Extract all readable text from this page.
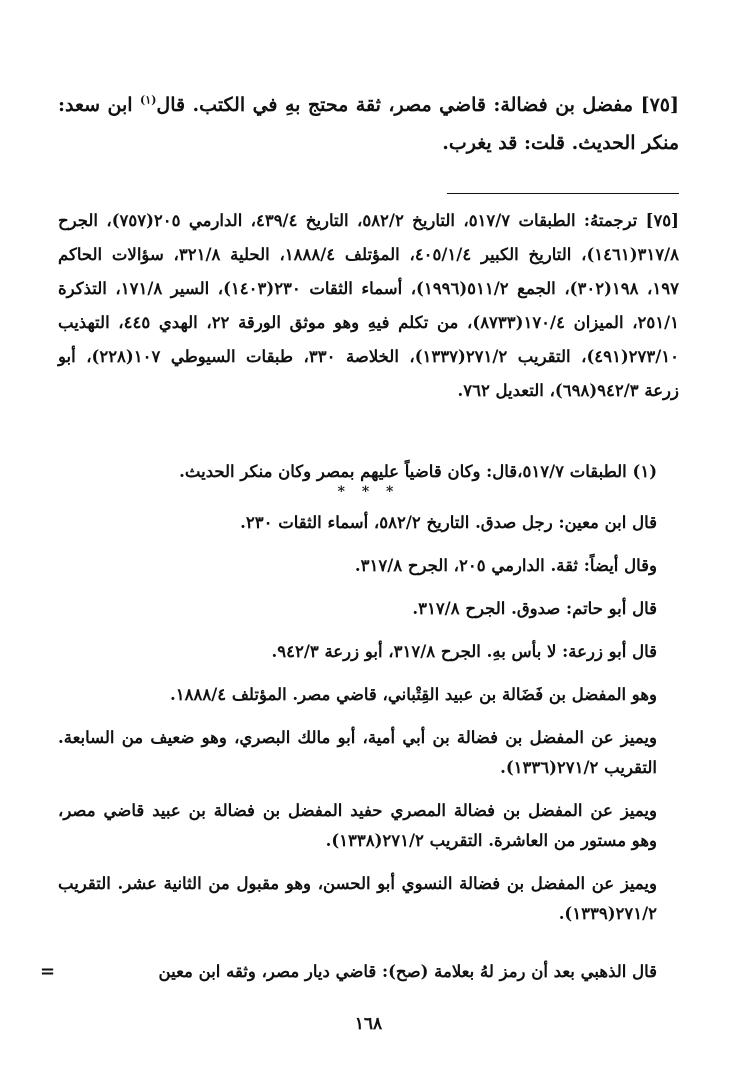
[٧٥] مفضل بن فضالة: قاضي مصر، ثقة محتج بهِ في الكتب. قال$^{(١)}$ ابن سعد: منكر الحديث. قلت: قد يغرب.
[٧٥] ترجمتهُ: الطبقات ٥١٧/٧، التاريخ ٥٨٢/٢، التاريخ ٤٣٩/٤، الدارمي ٢٠٥(٧٥٧)، الجرح ٣١٧/٨(١٤٦١)، التاريخ الكبير ٤٠٥/١/٤، المؤتلف ١٨٨٨/٤، الحلية ٣٢١/٨، سؤالات الحاكم ١٩٧، ١٩٨(٣٠٢)، الجمع ٥١١/٢(١٩٩٦)، أسماء الثقات ٢٣٠(١٤٠٣)، السير ١٧١/٨، التذكرة ٢٥١/١، الميزان ١٧٠/٤(٨٧٣٣)، من تكلم فيهِ وهو موثق الورقة ٢٢، الهدي ٤٤٥، التهذيب ٢٧٣/١٠(٤٩١)، التقريب ٢٧١/٢(١٣٣٧)، الخلاصة ٣٣٠، طبقات السيوطي ١٠٧(٢٢٨)، أبو زرعة ٩٤٢/٣(٦٩٨)، التعديل ٧٦٢.
(١) الطبقات ٥١٧/٧،قال: وكان قاضياً عليهم بمصر وكان منكر الحديث.
* * *

قال ابن معين: رجل صدق. التاريخ ٥٨٢/٢، أسماء الثقات ٢٣٠.

وقال أيضاً: ثقة. الدارمي ٢٠٥، الجرح ٣١٧/٨.

قال أبو حاتم: صدوق. الجرح ٣١٧/٨.

قال أبو زرعة: لا بأس بهِ. الجرح ٣١٧/٨، أبو زرعة ٩٤٢/٣.

وهو المفضل بن فَضَالة بن عبيد القِتْباني، قاضي مصر. المؤتلف ١٨٨٨/٤.

ويميز عن المفضل بن فضالة بن أبي أمية، أبو مالك البصري، وهو ضعيف من السابعة. التقريب ٢٧١/٢(١٣٣٦).

ويميز عن المفضل بن فضالة المصري حفيد المفضل بن فضالة بن عبيد قاضي مصر، وهو مستور من العاشرة. التقريب ٢٧١/٢(١٣٣٨).

ويميز عن المفضل بن فضالة النسوي أبو الحسن، وهو مقبول من الثانية عشر. التقريب ٢٧١/٢(١٣٣٩).

قال الذهبي بعد أن رمز لهُ بعلامة (صح): قاضي ديار مصر، وثقه ابن معين
=
١٦٨
